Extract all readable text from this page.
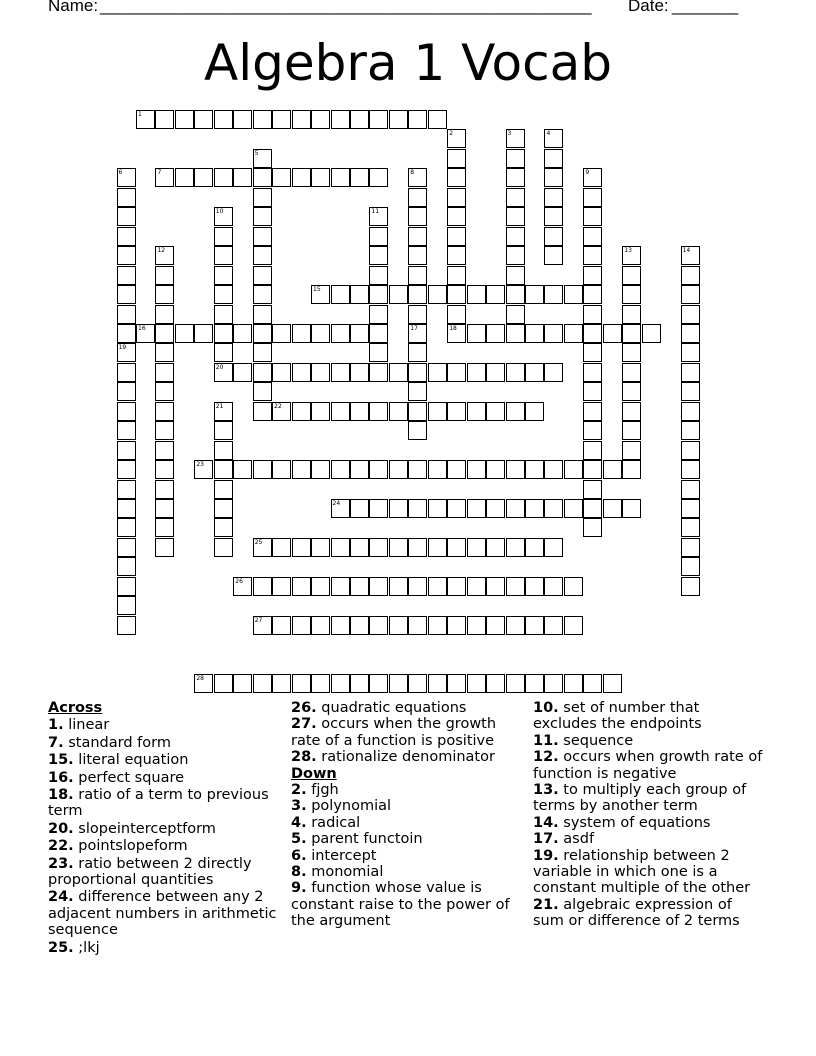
Name: ____________________________________________________ Date: _______
Algebra 1 Vocab
1
2	3	4
5
6	7	8	9
10	11
12	13	14
15
16	17	18
19
20
21	22
23
24
25
26
27
28
Across
1. linear
7. standard form
15. literal equation
16. perfect square
18. ratio of a term to previous term
20. slopeinterceptform
22. pointslopeform
23. ratio between 2 directly proportional quantities
24. difference between any 2 adjacent numbers in arithmetic sequence
25. ;lkj
26. quadratic equations
27. occurs when the growth rate of a function is positive
28. rationalize denominator
Down
2. fjgh
3. polynomial
4. radical
5. parent functoin
6. intercept
8. monomial
9. function whose value is constant raise to the power of the argument
10. set of number that excludes the endpoints
11. sequence
12. occurs when growth rate of function is negative
13. to multiply each group of terms by another term
14. system of equations
17. asdf
19. relationship between 2 variable in which one is a constant multiple of the other
21. algebraic expression of sum or difference of 2 terms
